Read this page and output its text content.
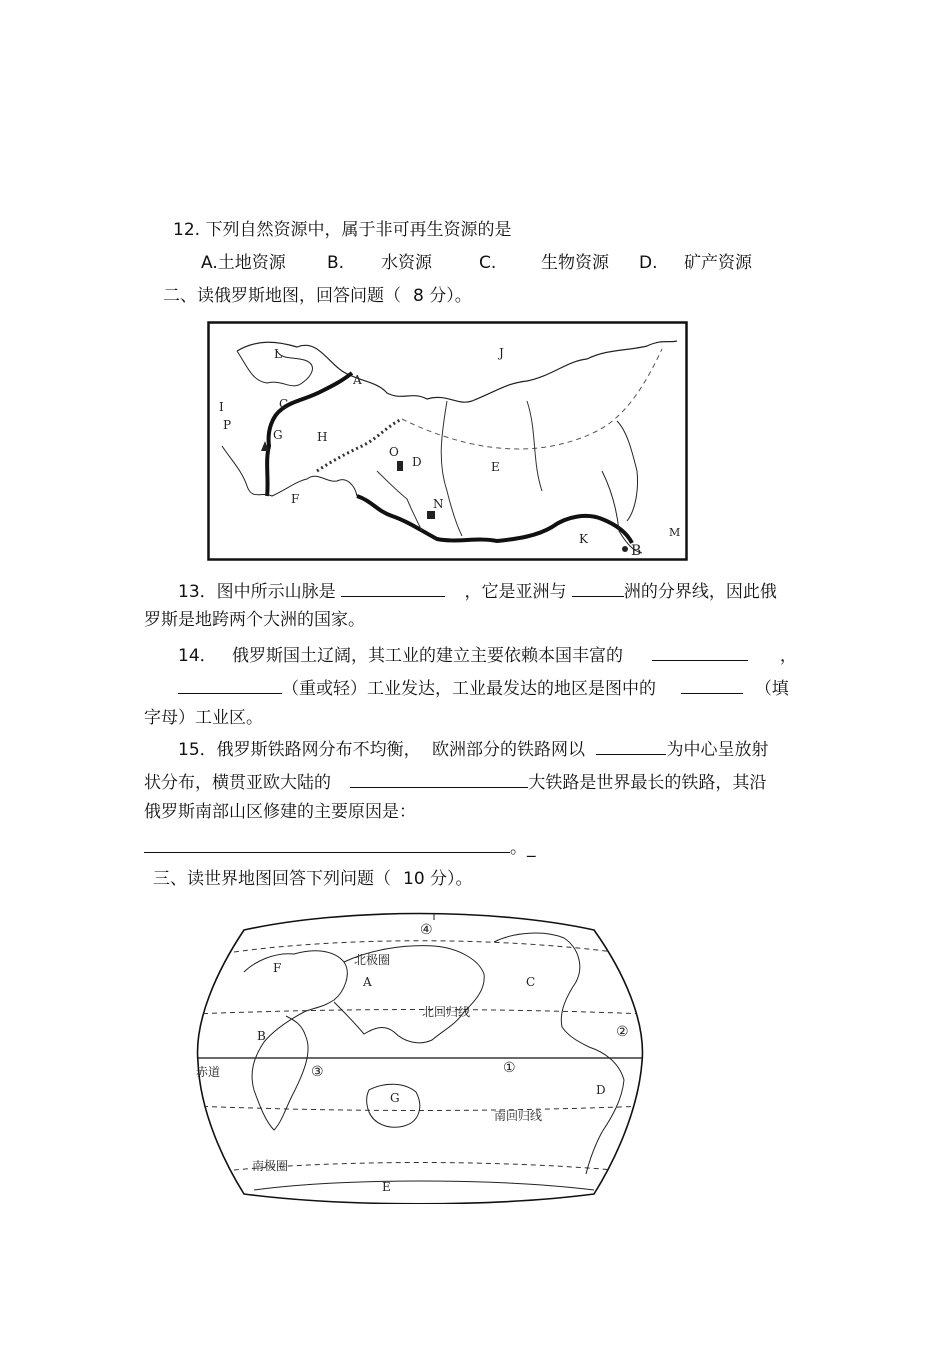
12. 下列自然资源中，属于非可再生资源的是
A.土地资源 B. 水资源	C.	生物资源 D. 矿产资源
二、读俄罗斯地图，回答问题（ 8 分）。
L	J
A
C
I
P
G	H
O
D	E
F	N
K
B
M
13．图中所示山脉是	，它是亚洲与	洲的分界线，因此俄
罗斯是地跨两个大洲的国家。
14． 俄罗斯国土辽阔，其工业的建立主要依赖本国丰富的	，
（重或轻）工业发达，工业最发达的地区是图中的	（填
字母）工业区。
15．俄罗斯铁路网分布不均衡， 欧洲部分的铁路网以	为中心呈放射
状分布，横贯亚欧大陆的	大铁路是世界最长的铁路，其沿
俄罗斯南部山区修建的主要原因是：
。_
三、读世界地图回答下列问题（ 10 分）。
北极圈
北回归线
赤道
南回归线
南极圈
F
A	C
B
D
G
E
④
②
③	①
